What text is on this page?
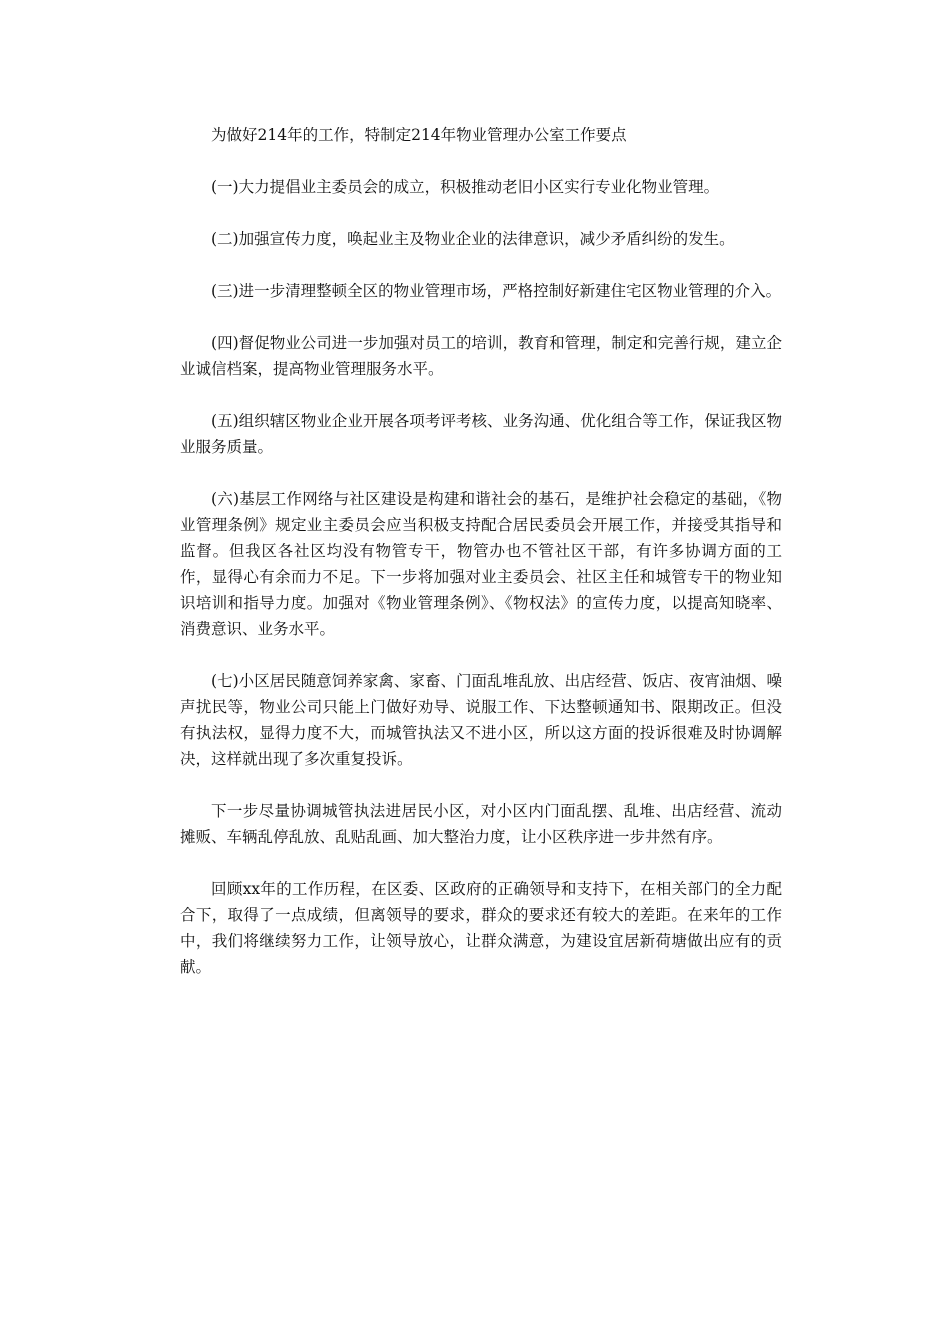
为做好214年的工作，特制定214年物业管理办公室工作要点

(一)大力提倡业主委员会的成立，积极推动老旧小区实行专业化物业管理。

(二)加强宣传力度，唤起业主及物业企业的法律意识，减少矛盾纠纷的发生。

(三)进一步清理整顿全区的物业管理市场，严格控制好新建住宅区物业管理的介入。

(四)督促物业公司进一步加强对员工的培训，教育和管理，制定和完善行规，建立企业诚信档案，提高物业管理服务水平。

(五)组织辖区物业企业开展各项考评考核、业务沟通、优化组合等工作，保证我区物业服务质量。

(六)基层工作网络与社区建设是构建和谐社会的基石，是维护社会稳定的基础，《物业管理条例》规定业主委员会应当积极支持配合居民委员会开展工作，并接受其指导和监督。但我区各社区均没有物管专干，物管办也不管社区干部，有许多协调方面的工作，显得心有余而力不足。下一步将加强对业主委员会、社区主任和城管专干的物业知识培训和指导力度。加强对《物业管理条例》、《物权法》的宣传力度，以提高知晓率、消费意识、业务水平。

(七)小区居民随意饲养家禽、家畜、门面乱堆乱放、出店经营、饭店、夜宵油烟、噪声扰民等，物业公司只能上门做好劝导、说服工作、下达整顿通知书、限期改正。但没有执法权，显得力度不大，而城管执法又不进小区，所以这方面的投诉很难及时协调解决，这样就出现了多次重复投诉。

下一步尽量协调城管执法进居民小区，对小区内门面乱摆、乱堆、出店经营、流动摊贩、车辆乱停乱放、乱贴乱画、加大整治力度，让小区秩序进一步井然有序。

回顾xx年的工作历程，在区委、区政府的正确领导和支持下，在相关部门的全力配合下，取得了一点成绩，但离领导的要求，群众的要求还有较大的差距。在来年的工作中，我们将继续努力工作，让领导放心，让群众满意，为建设宜居新荷塘做出应有的贡献。
